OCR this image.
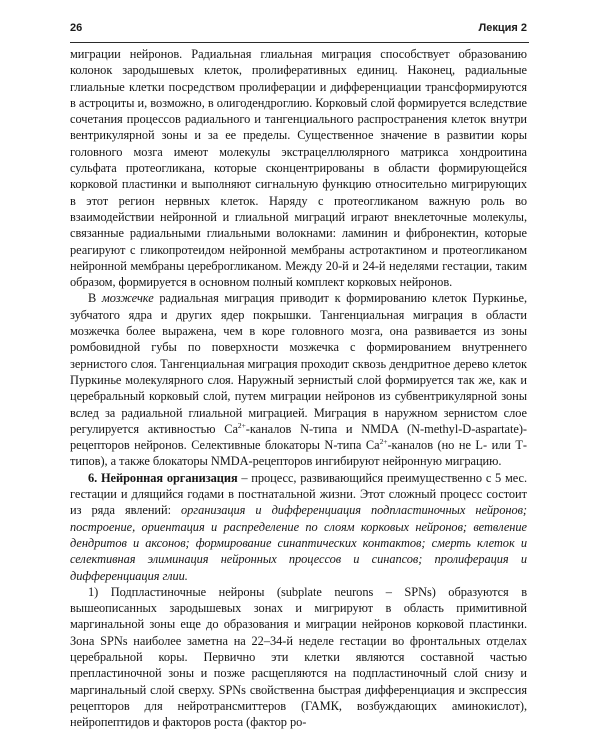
26	Лекция 2

миграции нейронов. Радиальная глиальная миграция способствует образованию колонок зародышевых клеток, пролиферативных единиц. Наконец, радиальные глиальные клетки посредством пролиферации и дифференциации трансформируются в астроциты и, возможно, в олигодендроглию. Корковый слой формируется вследствие сочетания процессов радиального и тангенциального распространения клеток внутри вентрикулярной зоны и за ее пределы. Существенное значение в развитии коры головного мозга имеют молекулы экстрацеллюлярного матрикса хондроитина сульфата протеогликана, которые сконцентрированы в области формирующейся корковой пластинки и выполняют сигнальную функцию относительно мигрирующих в этот регион нервных клеток. Наряду с протеогликаном важную роль во взаимодействии нейронной и глиальной миграций играют внеклеточные молекулы, связанные радиальными глиальными волокнами: ламинин и фибронектин, которые реагируют с гликопротеидом нейронной мембраны астротактином и протеогликаном нейронной мембраны цереброгликаном. Между 20-й и 24-й неделями гестации, таким образом, формируется в основном полный комплект корковых нейронов.

В мозжечке радиальная миграция приводит к формированию клеток Пуркинье, зубчатого ядра и других ядер покрышки. Тангенциальная миграция в области мозжечка более выражена, чем в коре головного мозга, она развивается из зоны ромбовидной губы по поверхности мозжечка с формированием внутреннего зернистого слоя. Тангенциальная миграция проходит сквозь дендритное дерево клеток Пуркинье молекулярного слоя. Наружный зернистый слой формируется так же, как и церебральный корковый слой, путем миграции нейронов из субвентрикулярной зоны вслед за радиальной глиальной миграцией. Миграция в наружном зернистом слое регулируется активностью $Са^{2+}$-каналов N-типа и NMDA (N-methyl-D-aspartate)-рецепторов нейронов. Селективные блокаторы N-типа $Са^{2+}$-каналов (но не L- или Т-типов), а также блокаторы NMDA-рецепторов ингибируют нейронную миграцию.

6. Нейронная организация – процесс, развивающийся преимущественно с 5 мес. гестации и длящийся годами в постнатальной жизни. Этот сложный процесс состоит из ряда явлений: организация и дифференциация подпластиночных нейронов; построение, ориентация и распределение по слоям корковых нейронов; ветвление дендритов и аксонов; формирование синаптических контактов; смерть клеток и селективная элиминация нейронных процессов и синапсов; пролиферация и дифференциация глии.

1) Подпластиночные нейроны (subplate neurons – SPNs) образуются в вышеописанных зародышевых зонах и мигрируют в область примитивной маргинальной зоны еще до образования и миграции нейронов корковой пластинки. Зона SPNs наиболее заметна на 22–34-й неделе гестации во фронтальных отделах церебральной коры. Первично эти клетки являются составной частью препластиночной зоны и позже расщепляются на подпластиночный слой снизу и маргинальный слой сверху. SPNs свойственна быстрая дифференциация и экспрессия рецепторов для нейротрансмиттеров (ГАМК, возбуждающих аминокислот), нейропептидов и факторов роста (фактор ро-
